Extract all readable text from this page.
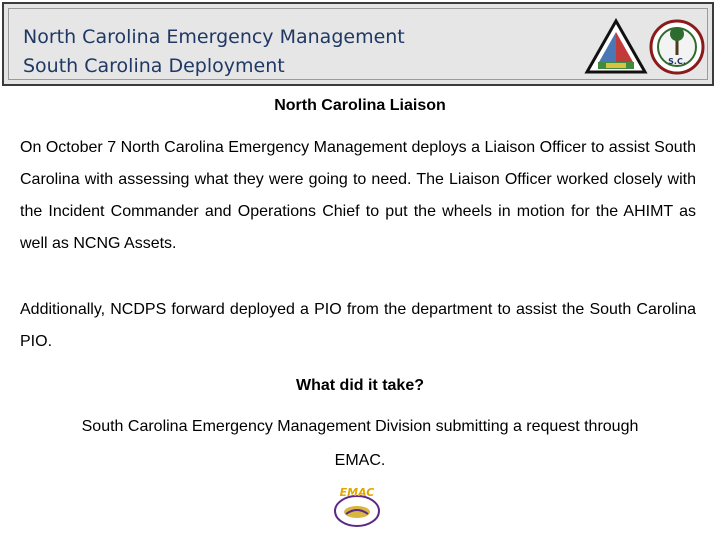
North Carolina Emergency Management
South Carolina Deployment	S.C.
North Carolina Liaison
On October 7 North Carolina Emergency Management deploys a Liaison Officer to assist South Carolina with assessing what they were going to need. The Liaison Officer worked closely with the Incident Commander and Operations Chief to put the wheels in motion for the AHIMT as well as NCNG Assets.
Additionally, NCDPS forward deployed a PIO from the department to assist the South Carolina PIO.
What did it take?
South Carolina Emergency Management Division submitting a request through
EMAC.
EMAC
